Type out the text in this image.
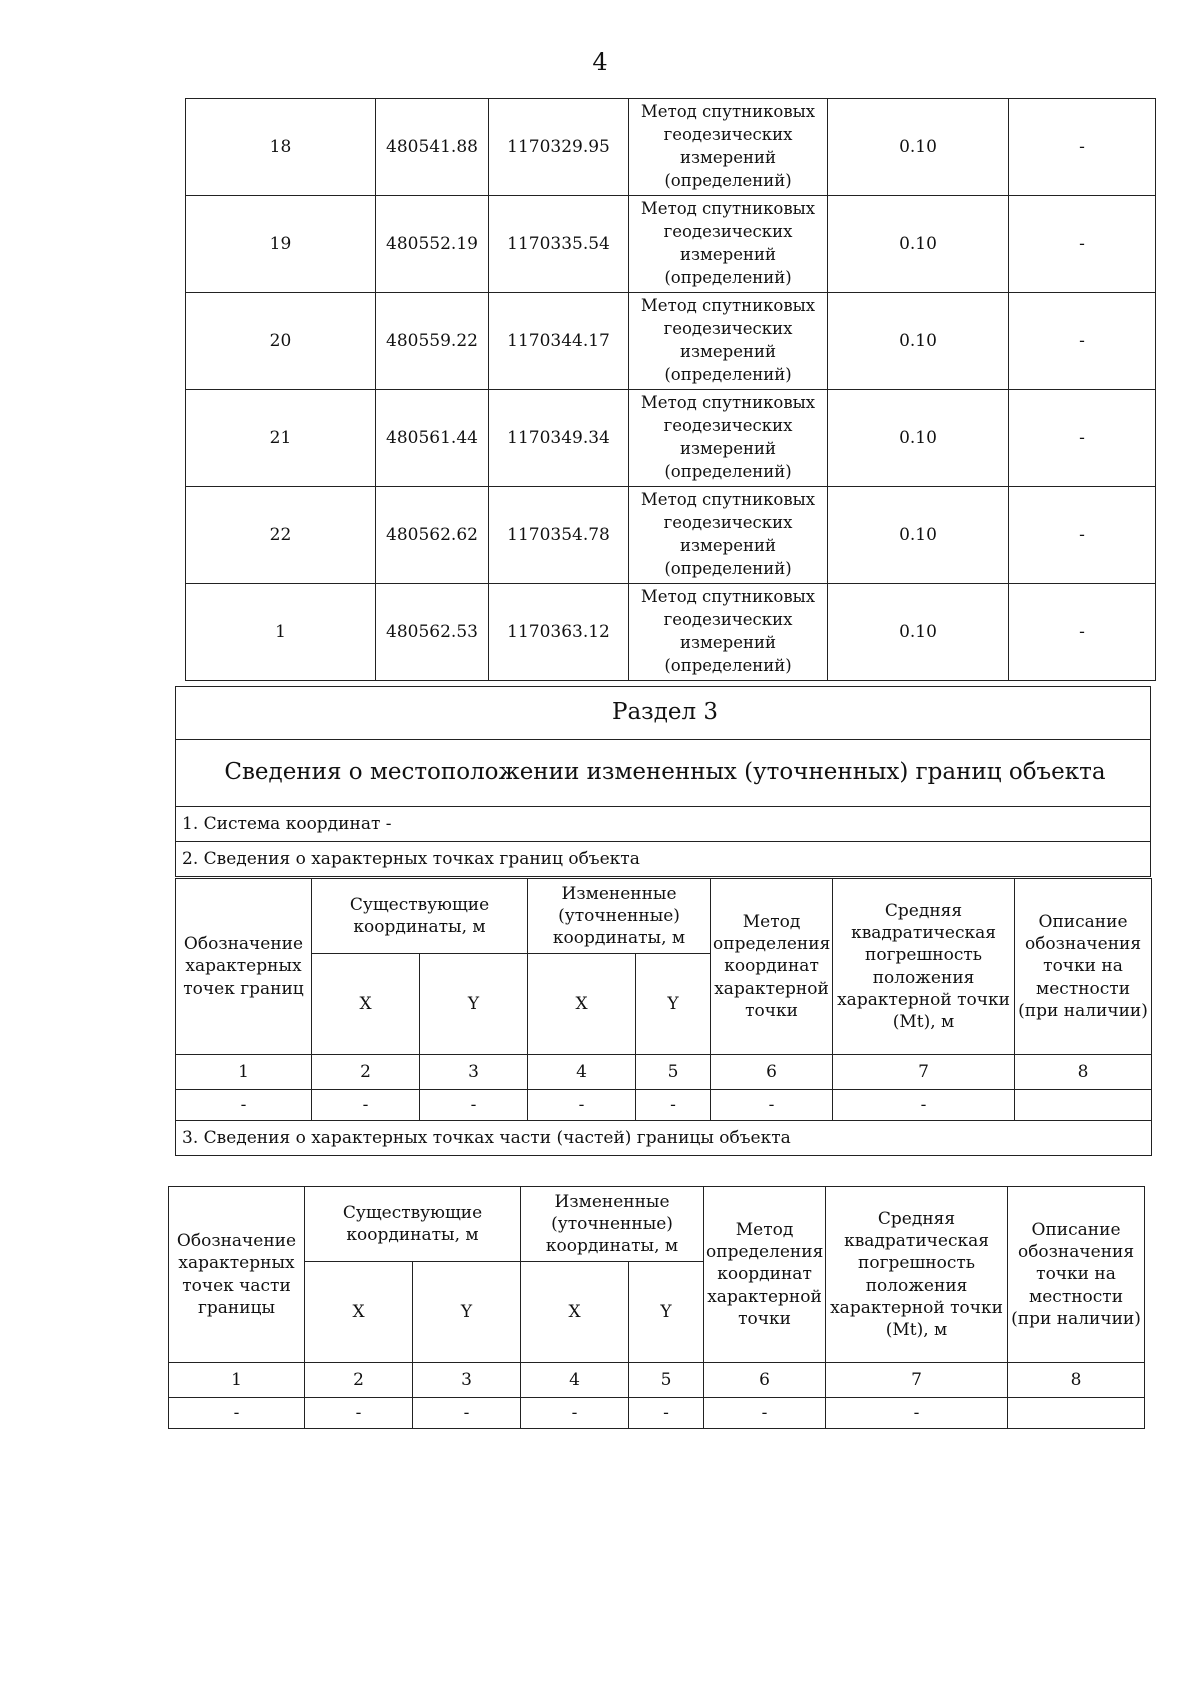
4
18	480541.88	1170329.95	Метод спутниковых
геодезических
измерений
(определений)	0.10	-
19	480552.19	1170335.54	Метод спутниковых
геодезических
измерений
(определений)	0.10	-
20	480559.22	1170344.17	Метод спутниковых
геодезических
измерений
(определений)	0.10	-
21	480561.44	1170349.34	Метод спутниковых
геодезических
измерений
(определений)	0.10	-
22	480562.62	1170354.78	Метод спутниковых
геодезических
измерений
(определений)	0.10	-
1	480562.53	1170363.12	Метод спутниковых
геодезических
измерений
(определений)	0.10	-
Раздел 3
Сведения о местоположении измененных (уточненных) границ объекта
1. Система координат -
2. Сведения о характерных точках границ объекта
Обозначение характерных точек границ	Существующие координаты, м		Измененные (уточненные) координаты, м		Метод определения координат характерной точки	Средняя квадратическая погрешность положения характерной точки (Mt), м	Описание обозначения точки на местности (при наличии)
	X	Y	X	Y			
1	2	3	4	5	6	7	8
-	-	-	-	-	-	-	
3. Сведения о характерных точках части (частей) границы объекта							
Обозначение характерных точек части границы	Существующие координаты, м		Измененные (уточненные) координаты, м		Метод определения координат характерной точки	Средняя квадратическая погрешность положения характерной точки (Mt), м	Описание обозначения точки на местности (при наличии)
	X	Y	X	Y			
1	2	3	4	5	6	7	8
-	-	-	-	-	-	-	
